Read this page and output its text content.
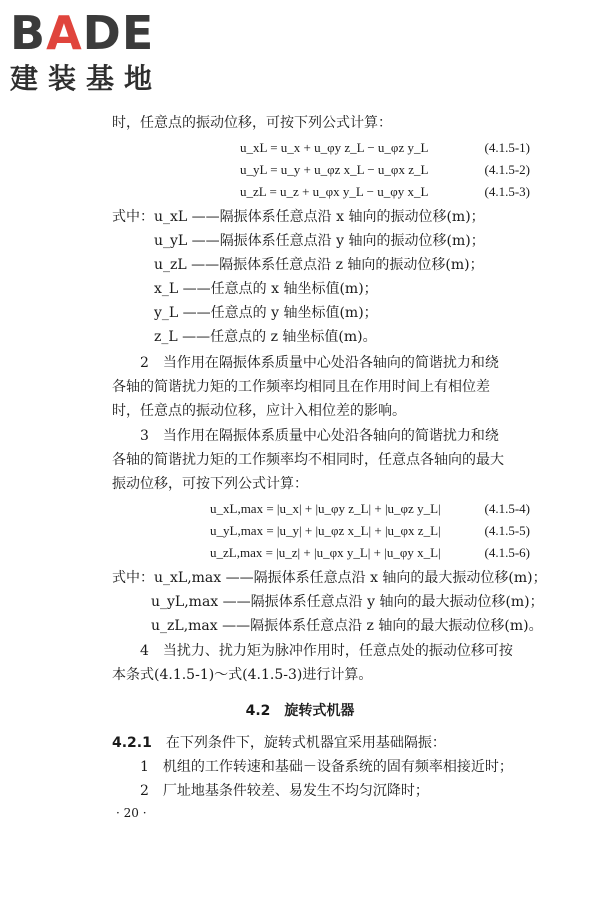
BADE
建装基地
时，任意点的振动位移，可按下列公式计算：
u_xL = u_x + u_φy z_L − u_φz y_L	(4.1.5-1)
u_yL = u_y + u_φz x_L − u_φx z_L	(4.1.5-2)
u_zL = u_z + u_φx y_L − u_φy x_L	(4.1.5-3)
式中：u_xL ——隔振体系任意点沿 x 轴向的振动位移(m)；
u_yL ——隔振体系任意点沿 y 轴向的振动位移(m)；
u_zL ——隔振体系任意点沿 z 轴向的振动位移(m)；
x_L ——任意点的 x 轴坐标值(m)；
y_L ——任意点的 y 轴坐标值(m)；
z_L ——任意点的 z 轴坐标值(m)。
2　当作用在隔振体系质量中心处沿各轴向的简谐扰力和绕
各轴的简谐扰力矩的工作频率均相同且在作用时间上有相位差
时，任意点的振动位移，应计入相位差的影响。
3　当作用在隔振体系质量中心处沿各轴向的简谐扰力和绕
各轴的简谐扰力矩的工作频率均不相同时，任意点各轴向的最大
振动位移，可按下列公式计算：
u_xL,max = |u_x| + |u_φy z_L| + |u_φz y_L|	(4.1.5-4)
u_yL,max = |u_y| + |u_φz x_L| + |u_φx z_L|	(4.1.5-5)
u_zL,max = |u_z| + |u_φx y_L| + |u_φy x_L|	(4.1.5-6)
式中：u_xL,max ——隔振体系任意点沿 x 轴向的最大振动位移(m)；
u_yL,max ——隔振体系任意点沿 y 轴向的最大振动位移(m)；
u_zL,max ——隔振体系任意点沿 z 轴向的最大振动位移(m)。
4　当扰力、扰力矩为脉冲作用时，任意点处的振动位移可按
本条式(4.1.5-1)～式(4.1.5-3)进行计算。
4.2　旋转式机器
4.2.1　 在下列条件下，旋转式机器宜采用基础隔振：
1　机组的工作转速和基础－设备系统的固有频率相接近时；
2　厂址地基条件较差、易发生不均匀沉降时；
· 20 ·
